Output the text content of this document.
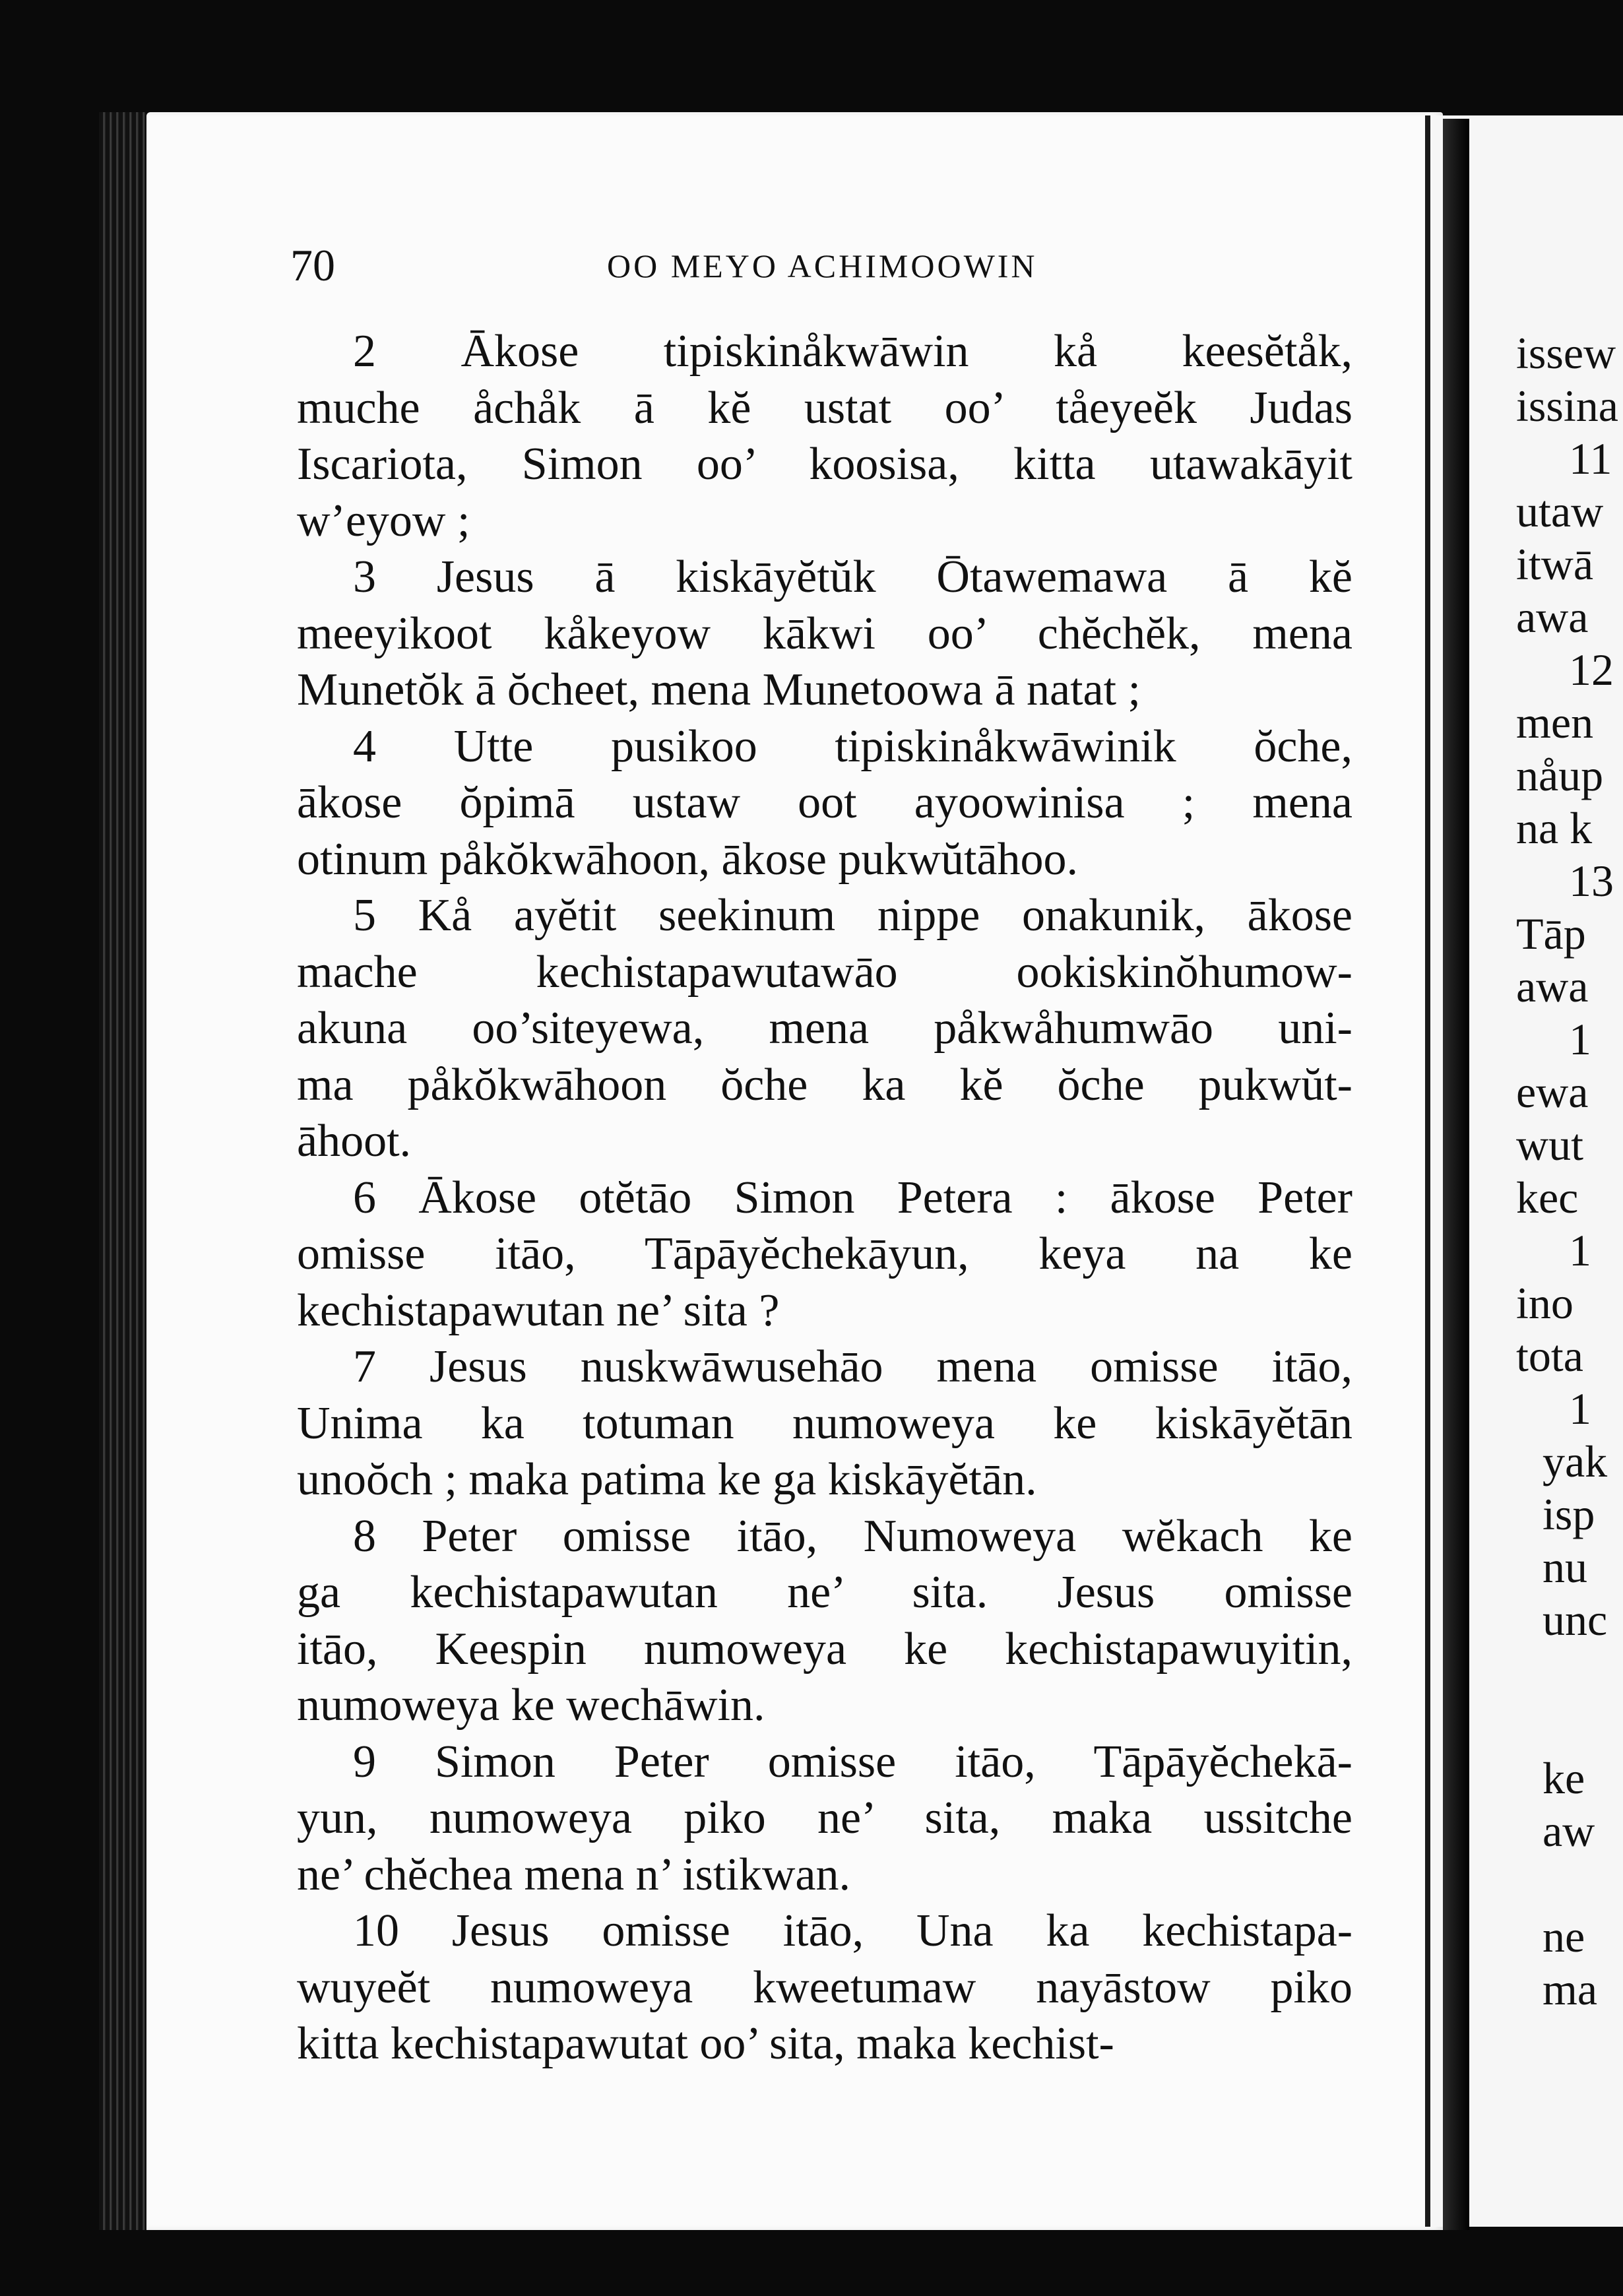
issew
issina
11
utaw
itwā
awa
12
men
nåup
na k
13
Tāp
awa
1
ewa
wut
kec
1
ino
tota
1
yak
isp
nu
unc
ke
aw
ne
ma
70	OO MEYO ACHIMOOWIN
2 Ākose tipiskinåkwāwin kå keesĕtåk,
muche åchåk ā kĕ ustat oo’ tåeyeĕk Judas
Iscariota, Simon oo’ koosisa, kitta utawakāyit
w’eyow ;
3 Jesus ā kiskāyĕtŭk Ōtawemawa ā kĕ
meeyikoot kåkeyow kākwi oo’ chĕchĕk, mena
Munetŏk ā ŏcheet, mena Munetoowa ā natat ;
4 Utte pusikoo tipiskinåkwāwinik ŏche,
ākose ŏpimā ustaw oot ayoowinisa ; mena
otinum påkŏkwāhoon, ākose pukwŭtāhoo.
5 Kå ayĕtit seekinum nippe onakunik, ākose
mache kechistapawutawāo ookiskinŏhumow-
akuna oo’siteyewa, mena påkwåhumwāo uni-
ma påkŏkwāhoon ŏche ka kĕ ŏche pukwŭt-
āhoot.
6 Ākose otĕtāo Simon Petera : ākose Peter
omisse itāo, Tāpāyĕchekāyun, keya na ke
kechistapawutan ne’ sita ?
7 Jesus nuskwāwusehāo mena omisse itāo,
Unima ka totuman numoweya ke kiskāyĕtān
unoŏch ; maka patima ke ga kiskāyĕtān.
8 Peter omisse itāo, Numoweya wĕkach ke
ga kechistapawutan ne’ sita. Jesus omisse
itāo, Keespin numoweya ke kechistapawuyitin,
numoweya ke wechāwin.
9 Simon Peter omisse itāo, Tāpāyĕchekā-
yun, numoweya piko ne’ sita, maka ussitche
ne’ chĕchea mena n’ istikwan.
10 Jesus omisse itāo, Una ka kechistapa-
wuyeĕt numoweya kweetumaw nayāstow piko
kitta kechistapawutat oo’ sita, maka kechist-
